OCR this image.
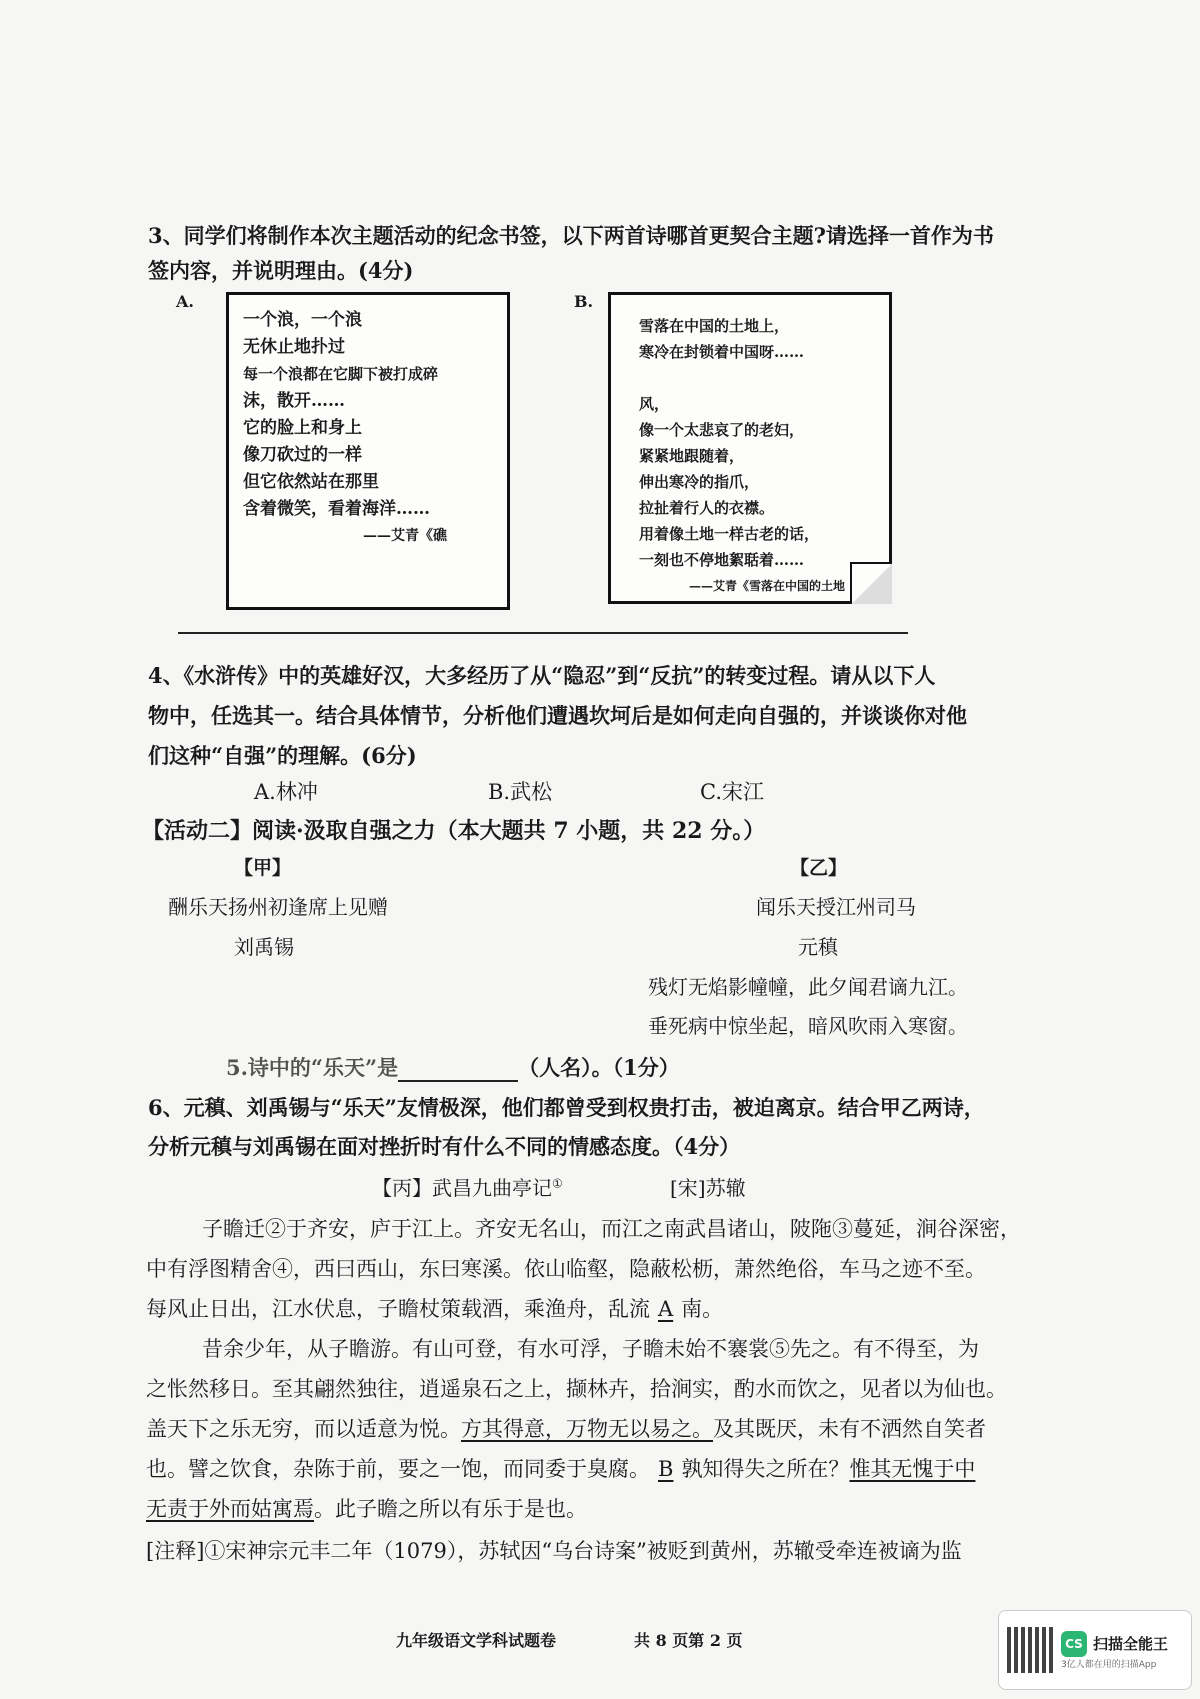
3、同学们将制作本次主题活动的纪念书签，以下两首诗哪首更契合主题?请选择一首作为书
签内容，并说明理由。(4分)
A.
一个浪，一个浪
无休止地扑过
每一个浪都在它脚下被打成碎
沫，散开……
它的脸上和身上
像刀砍过的一样
但它依然站在那里
含着微笑，看着海洋……
——艾青《礁
B.
雪落在中国的土地上，
寒冷在封锁着中国呀……
风，
像一个太悲哀了的老妇，
紧紧地跟随着，
伸出寒冷的指爪，
拉扯着行人的衣襟。
用着像土地一样古老的话，
一刻也不停地絮聒着……
——艾青《雪落在中国的土地
4、《水浒传》中的英雄好汉，大多经历了从“隐忍”到“反抗”的转变过程。请从以下人
物中，任选其一。结合具体情节，分析他们遭遇坎坷后是如何走向自强的，并谈谈你对他
们这种“自强”的理解。(6分)
A.林冲	B.武松	C.宋江
【活动二】阅读·汲取自强之力（本大题共 7 小题，共 22 分。）
【甲】	【乙】
酬乐天扬州初逢席上见赠	闻乐天授江州司马
刘禹锡	元稹
残灯无焰影幢幢，此夕闻君谪九江。
垂死病中惊坐起，暗风吹雨入寒窗。
5.诗中的“乐天”是	（人名）。（1分）
6、元稹、刘禹锡与“乐天”友情极深，他们都曾受到权贵打击，被迫离京。结合甲乙两诗，
分析元稹与刘禹锡在面对挫折时有什么不同的情感态度。（4分）
【丙】武昌九曲亭记①	[宋]苏辙
子瞻迁②于齐安，庐于江上。齐安无名山，而江之南武昌诸山，陂陁③蔓延，涧谷深密，
中有浮图精舍④，西曰西山，东曰寒溪。依山临壑，隐蔽松枥，萧然绝俗，车马之迹不至。
每风止日出，江水伏息，子瞻杖策载酒，乘渔舟，乱流 A 南。
昔余少年，从子瞻游。有山可登，有水可浮，子瞻未始不褰裳⑤先之。有不得至，为
之怅然移日。至其翩然独往，逍遥泉石之上，撷林卉，拾涧实，酌水而饮之，见者以为仙也。
盖天下之乐无穷，而以适意为悦。方其得意，万物无以易之。及其既厌，未有不洒然自笑者
也。譬之饮食，杂陈于前，要之一饱，而同委于臭腐。 B 孰知得失之所在？惟其无愧于中
无责于外而姑寓焉。此子瞻之所以有乐于是也。
[注释]①宋神宗元丰二年（1079），苏轼因“乌台诗案”被贬到黄州，苏辙受牵连被谪为监
九年级语文学科试题卷	共 8 页第 2 页	CS 扫描全能王
3亿人都在用的扫描App
